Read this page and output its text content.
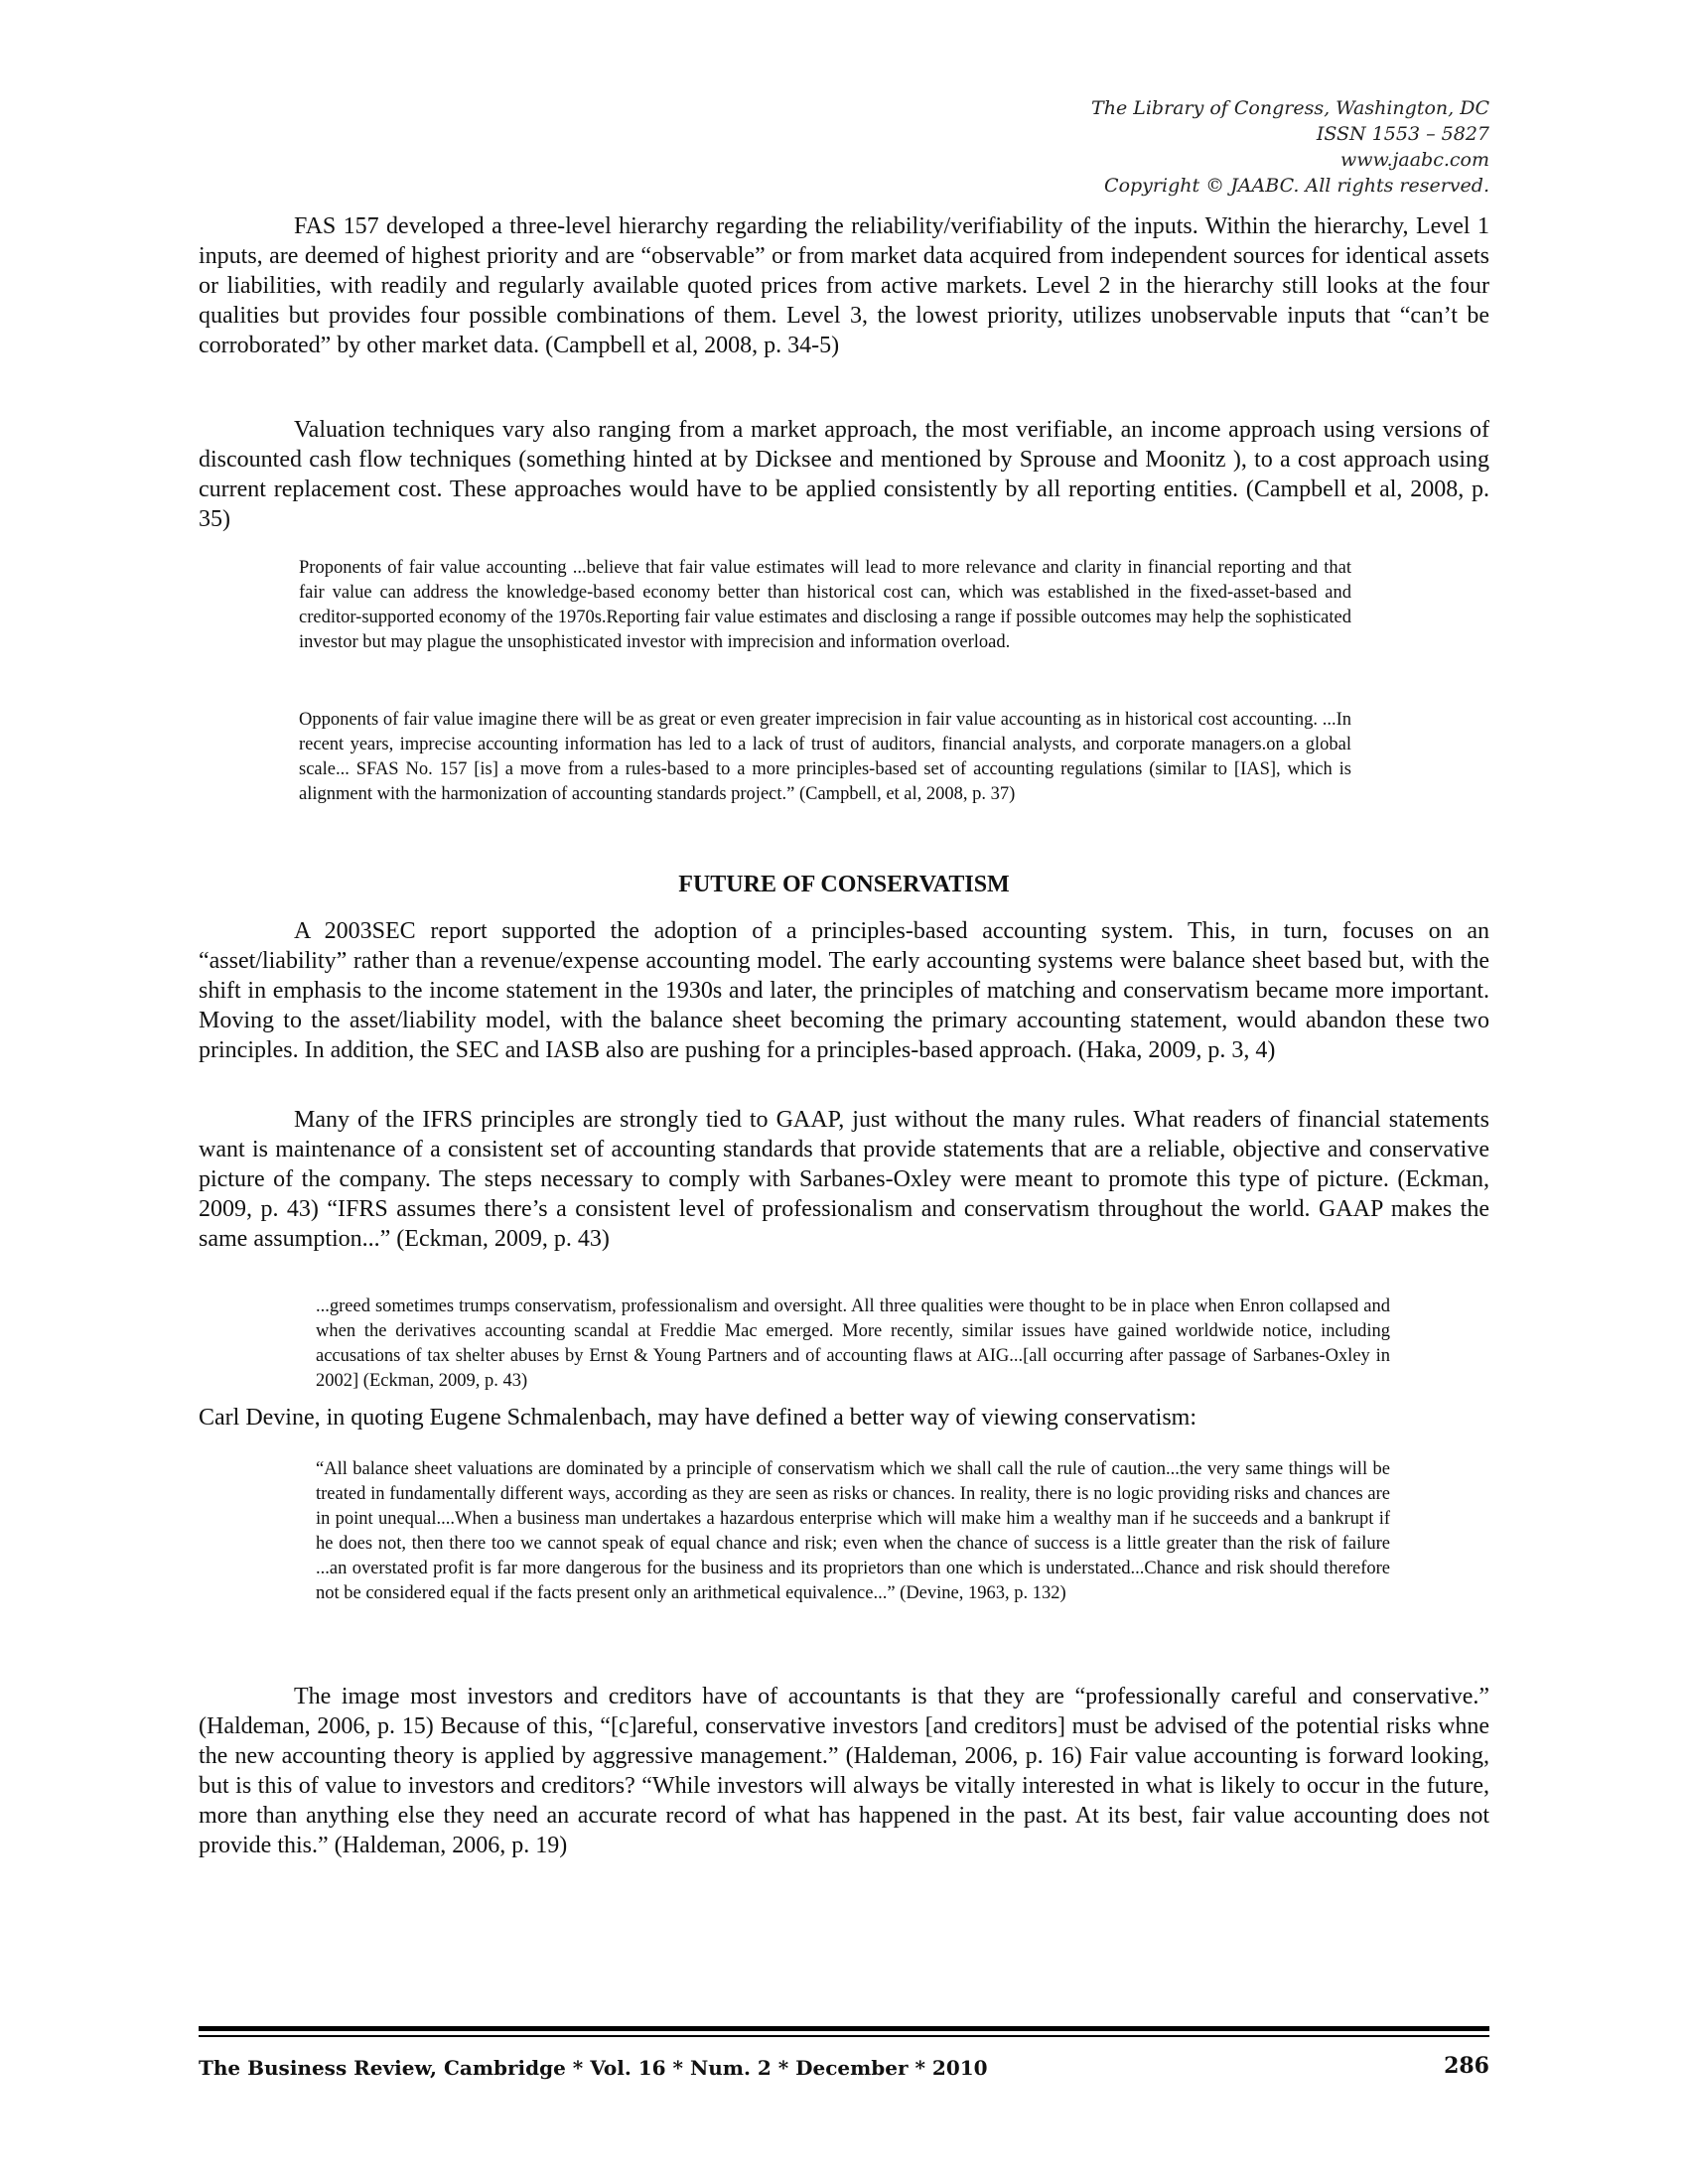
The Library of Congress, Washington, DC
ISSN 1553 – 5827
www.jaabc.com
Copyright © JAABC. All rights reserved.

FAS 157 developed a three-level hierarchy regarding the reliability/verifiability of the inputs. Within the hierarchy, Level 1 inputs, are deemed of highest priority and are “observable” or from market data acquired from independent sources for identical assets or liabilities, with readily and regularly available quoted prices from active markets. Level 2 in the hierarchy still looks at the four qualities but provides four possible combinations of them. Level 3, the lowest priority, utilizes unobservable inputs that “can’t be corroborated” by other market data. (Campbell et al, 2008, p. 34-5)

Valuation techniques vary also ranging from a market approach, the most verifiable, an income approach using versions of discounted cash flow techniques (something hinted at by Dicksee and mentioned by Sprouse and Moonitz ), to a cost approach using current replacement cost. These approaches would have to be applied consistently by all reporting entities. (Campbell et al, 2008, p. 35)

Proponents of fair value accounting ...believe that fair value estimates will lead to more relevance and clarity in financial reporting and that fair value can address the knowledge-based economy better than historical cost can, which was established in the fixed-asset-based and creditor-supported economy of the 1970s.Reporting fair value estimates and disclosing a range if possible outcomes may help the sophisticated investor but may plague the unsophisticated investor with imprecision and information overload.

Opponents of fair value imagine there will be as great or even greater imprecision in fair value accounting as in historical cost accounting. ...In recent years, imprecise accounting information has led to a lack of trust of auditors, financial analysts, and corporate managers.on a global scale... SFAS No. 157 [is] a move from a rules-based to a more principles-based set of accounting regulations (similar to [IAS], which is alignment with the harmonization of accounting standards project.” (Campbell, et al, 2008, p. 37)

FUTURE OF CONSERVATISM

A 2003SEC report supported the adoption of a principles-based accounting system. This, in turn, focuses on an “asset/liability” rather than a revenue/expense accounting model. The early accounting systems were balance sheet based but, with the shift in emphasis to the income statement in the 1930s and later, the principles of matching and conservatism became more important. Moving to the asset/liability model, with the balance sheet becoming the primary accounting statement, would abandon these two principles. In addition, the SEC and IASB also are pushing for a principles-based approach. (Haka, 2009, p. 3, 4)

Many of the IFRS principles are strongly tied to GAAP, just without the many rules. What readers of financial statements want is maintenance of a consistent set of accounting standards that provide statements that are a reliable, objective and conservative picture of the company. The steps necessary to comply with Sarbanes-Oxley were meant to promote this type of picture. (Eckman, 2009, p. 43) “IFRS assumes there’s a consistent level of professionalism and conservatism throughout the world. GAAP makes the same assumption...” (Eckman, 2009, p. 43)

...greed sometimes trumps conservatism, professionalism and oversight. All three qualities were thought to be in place when Enron collapsed and when the derivatives accounting scandal at Freddie Mac emerged. More recently, similar issues have gained worldwide notice, including accusations of tax shelter abuses by Ernst & Young Partners and of accounting flaws at AIG...[all occurring after passage of Sarbanes-Oxley in 2002] (Eckman, 2009, p. 43)

Carl Devine, in quoting Eugene Schmalenbach, may have defined a better way of viewing conservatism:

“All balance sheet valuations are dominated by a principle of conservatism which we shall call the rule of caution...the very same things will be treated in fundamentally different ways, according as they are seen as risks or chances. In reality, there is no logic providing risks and chances are in point unequal....When a business man undertakes a hazardous enterprise which will make him a wealthy man if he succeeds and a bankrupt if he does not, then there too we cannot speak of equal chance and risk; even when the chance of success is a little greater than the risk of failure ...an overstated profit is far more dangerous for the business and its proprietors than one which is understated...Chance and risk should therefore not be considered equal if the facts present only an arithmetical equivalence...” (Devine, 1963, p. 132)

The image most investors and creditors have of accountants is that they are “professionally careful and conservative.” (Haldeman, 2006, p. 15) Because of this, “[c]areful, conservative investors [and creditors] must be advised of the potential risks whne the new accounting theory is applied by aggressive management.” (Haldeman, 2006, p. 16) Fair value accounting is forward looking, but is this of value to investors and creditors? “While investors will always be vitally interested in what is likely to occur in the future, more than anything else they need an accurate record of what has happened in the past. At its best, fair value accounting does not provide this.” (Haldeman, 2006, p. 19)

The Business Review, Cambridge * Vol. 16 * Num. 2 * December * 2010	286
